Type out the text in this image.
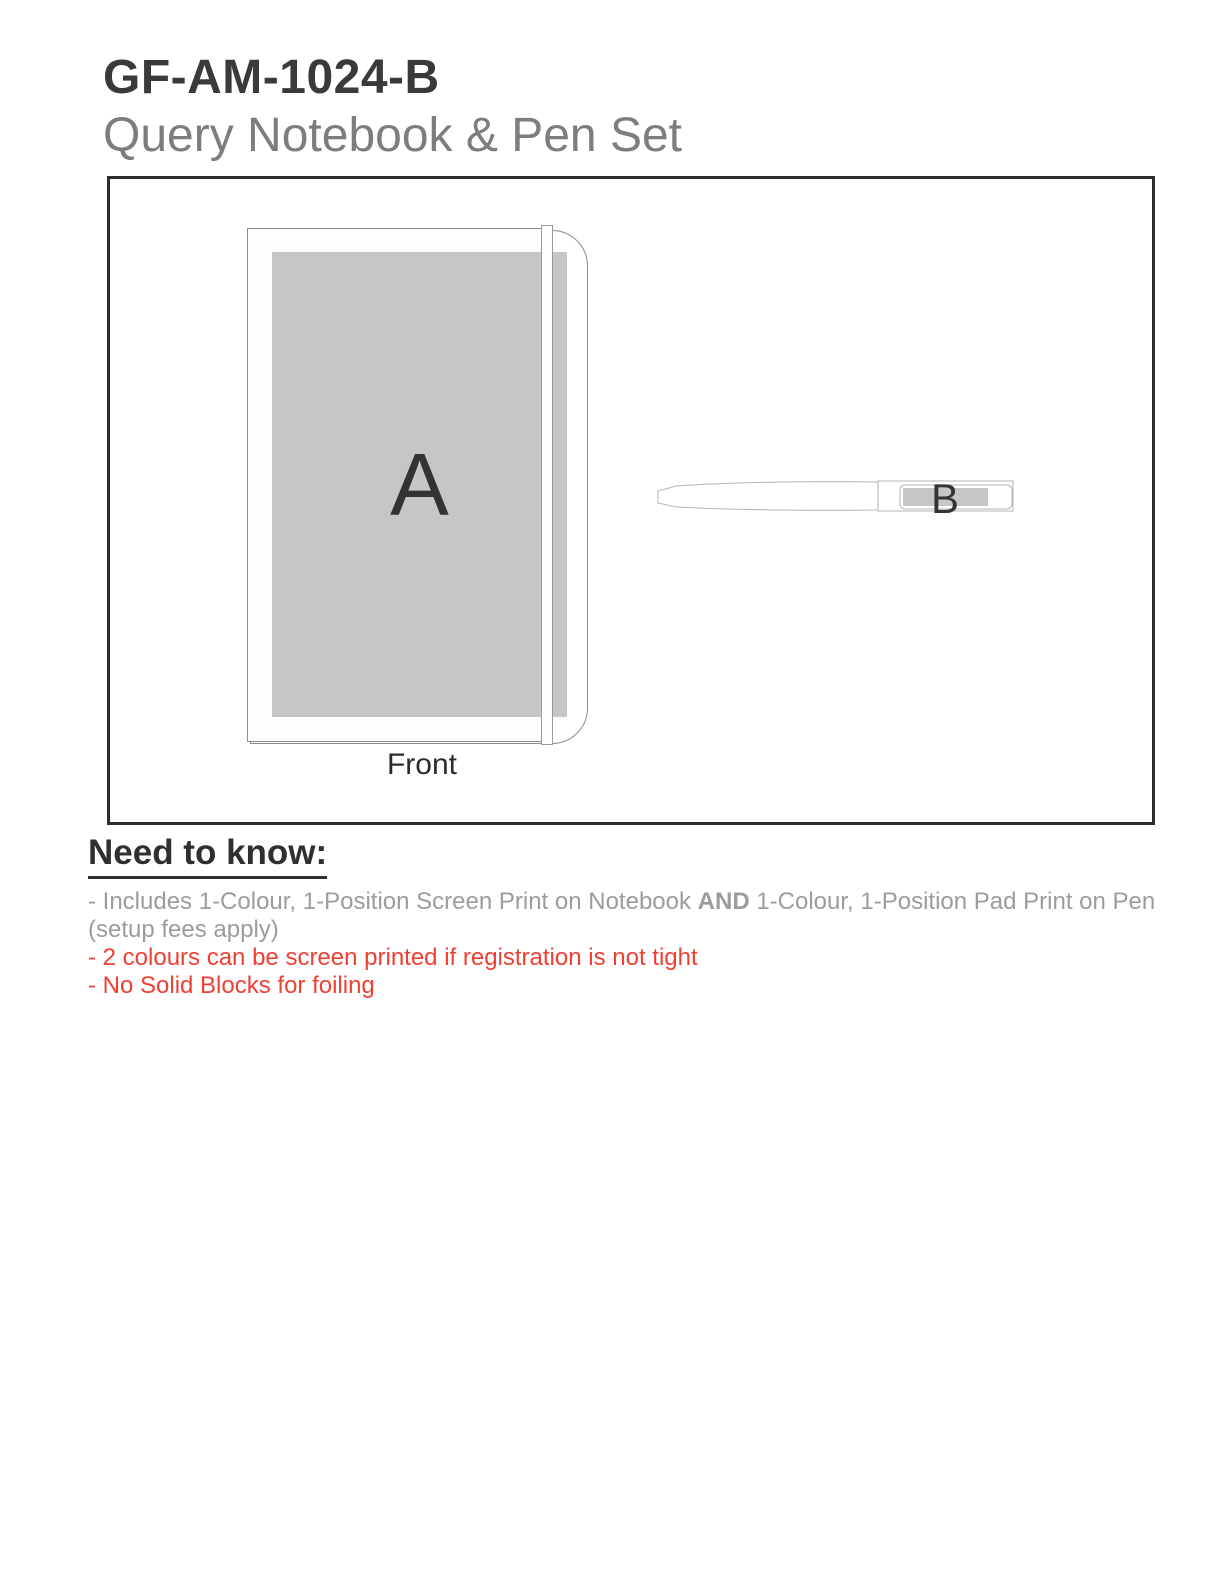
GF-AM-1024-B
Query Notebook & Pen Set
A
Front
B
Need to know:
- Includes 1-Colour, 1-Position Screen Print on Notebook AND 1-Colour, 1-Position Pad Print on Pen (setup fees apply)
- 2 colours can be screen printed if registration is not tight
- No Solid Blocks for foiling
